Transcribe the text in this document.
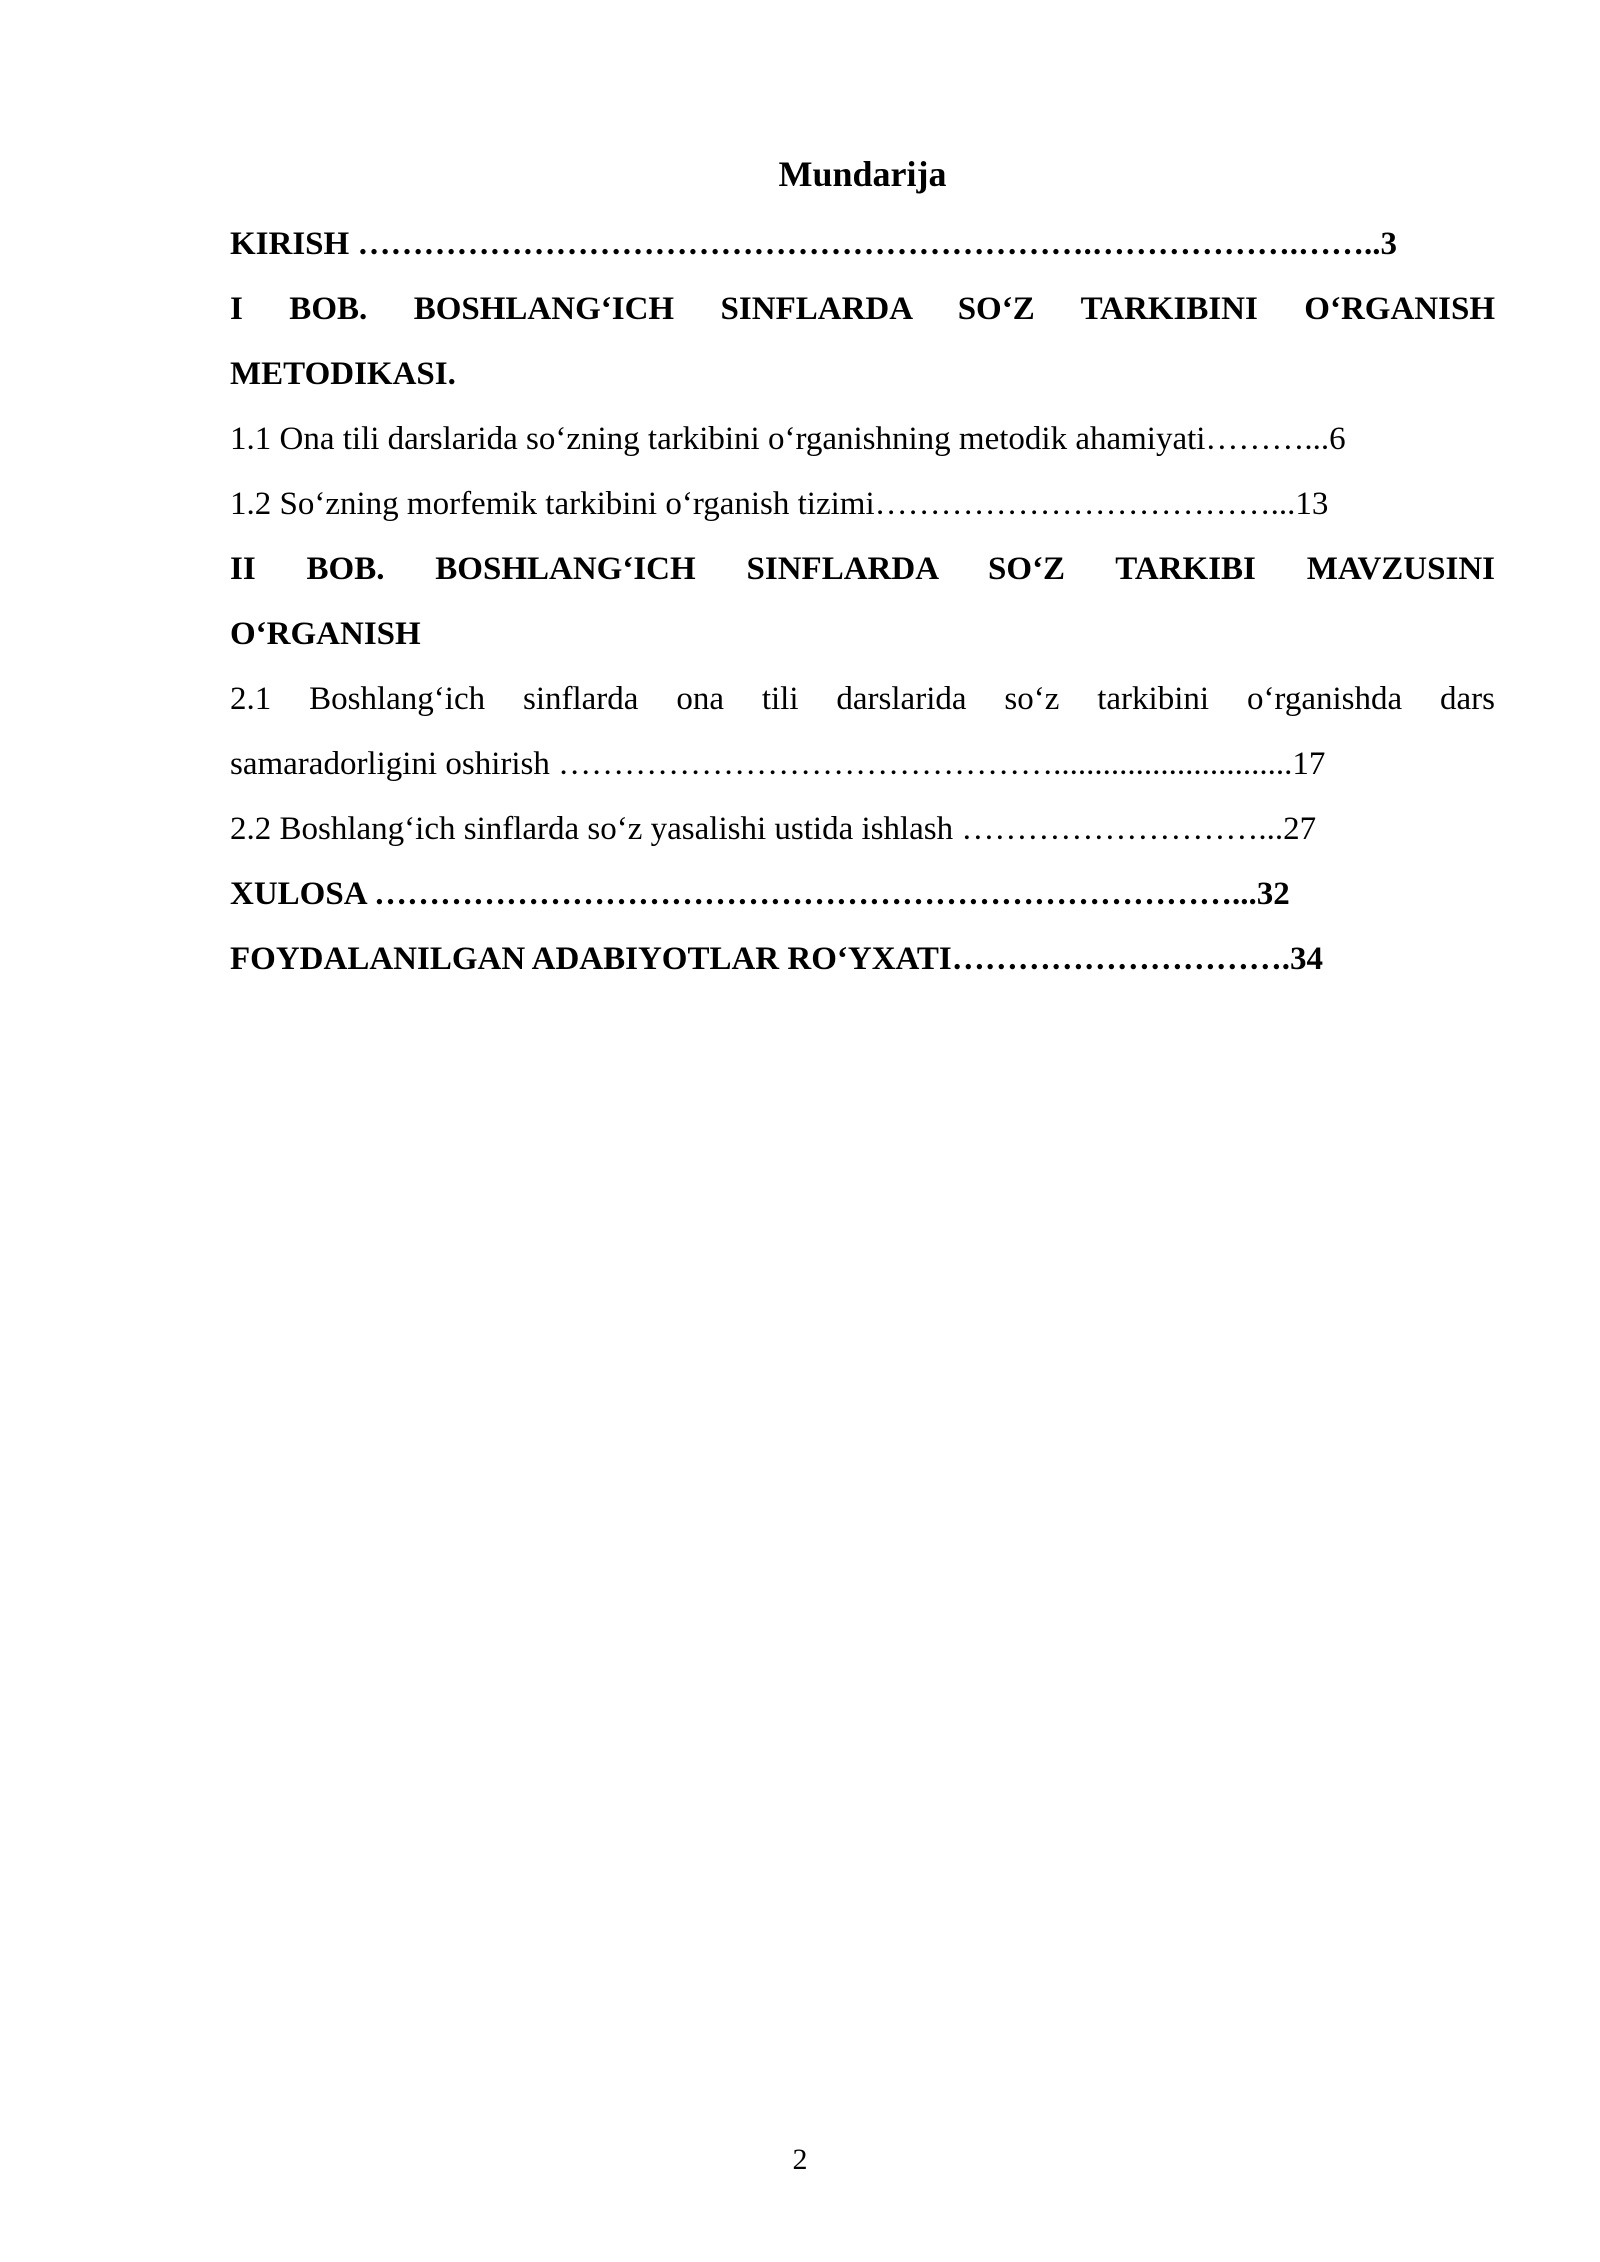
Mundarija
KIRISH ………………………………………………………….……………….……..3
I BOB. BOSHLANG‘ICH SINFLARDA SO‘Z TARKIBINI O‘RGANISH
METODIKASI.
1.1 Ona tili darslarida so‘zning tarkibini o‘rganishning metodik ahamiyati………...6
1.2 So‘zning morfemik tarkibini o‘rganish tizimi………………………………...13
II BOB. BOSHLANG‘ICH SINFLARDA SO‘Z TARKIBI MAVZUSINI
O‘RGANISH
2.1 Boshlang‘ich sinflarda ona tili darslarida so‘z tarkibini o‘rganishda dars
samaradorligini oshirish ……………………………………….............................17
2.2 Boshlang‘ich sinflarda so‘z yasalishi ustida ishlash ………………………...27
XULOSA ……………………………………………………………………...32
FOYDALANILGAN ADABIYOTLAR RO‘YXATI………………………….34
2
